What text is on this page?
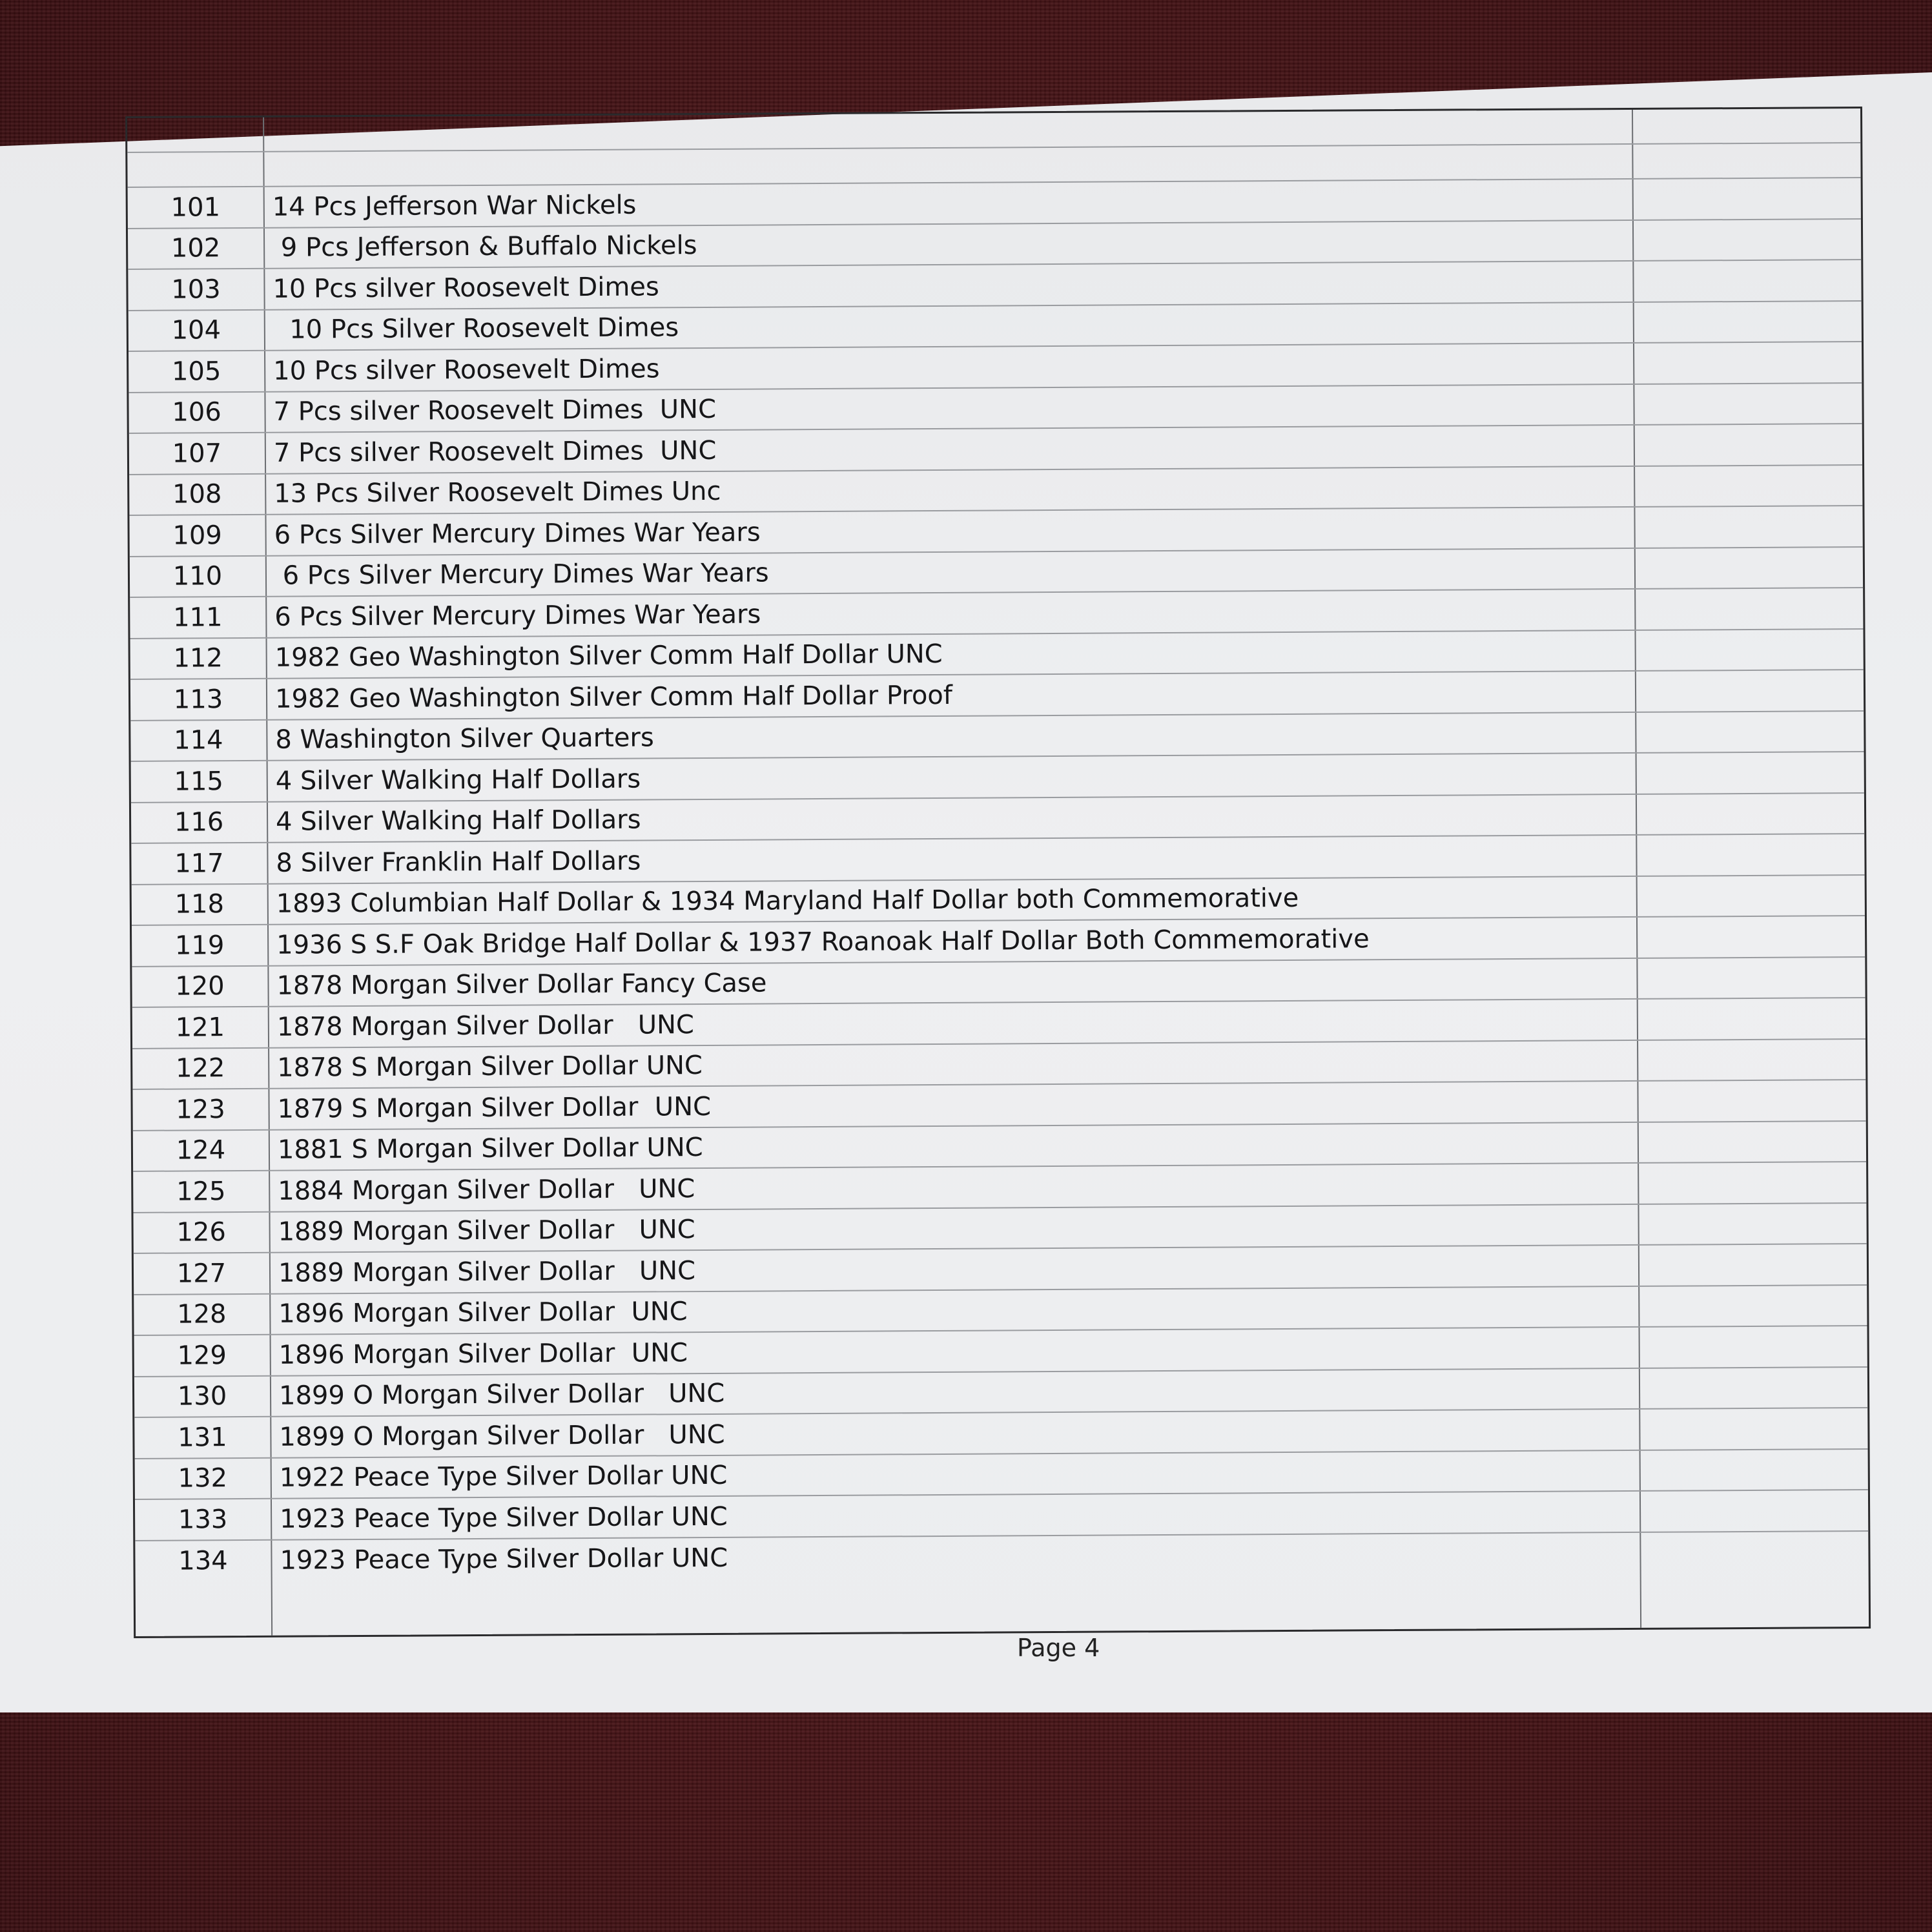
101	14 Pcs Jefferson War Nickels
102	9 Pcs Jefferson & Buffalo Nickels
103	10 Pcs silver Roosevelt Dimes
104	10 Pcs Silver Roosevelt Dimes
105	10 Pcs silver Roosevelt Dimes
106	7 Pcs silver Roosevelt Dimes  UNC
107	7 Pcs silver Roosevelt Dimes  UNC
108	13 Pcs Silver Roosevelt Dimes Unc
109	6 Pcs Silver Mercury Dimes War Years
110	6 Pcs Silver Mercury Dimes War Years
111	6 Pcs Silver Mercury Dimes War Years
112	1982 Geo Washington Silver Comm Half Dollar UNC
113	1982 Geo Washington Silver Comm Half Dollar Proof
114	8 Washington Silver Quarters
115	4 Silver Walking Half Dollars
116	4 Silver Walking Half Dollars
117	8 Silver Franklin Half Dollars
118	1893 Columbian Half Dollar & 1934 Maryland Half Dollar both Commemorative
119	1936 S S.F Oak Bridge Half Dollar & 1937 Roanoak Half Dollar Both Commemorative
120	1878 Morgan Silver Dollar Fancy Case
121	1878 Morgan Silver Dollar   UNC
122	1878 S Morgan Silver Dollar UNC
123	1879 S Morgan Silver Dollar  UNC
124	1881 S Morgan Silver Dollar UNC
125	1884 Morgan Silver Dollar   UNC
126	1889 Morgan Silver Dollar   UNC
127	1889 Morgan Silver Dollar   UNC
128	1896 Morgan Silver Dollar  UNC
129	1896 Morgan Silver Dollar  UNC
130	1899 O Morgan Silver Dollar   UNC
131	1899 O Morgan Silver Dollar   UNC
132	1922 Peace Type Silver Dollar UNC
133	1923 Peace Type Silver Dollar UNC
134	1923 Peace Type Silver Dollar UNC
Page 4
